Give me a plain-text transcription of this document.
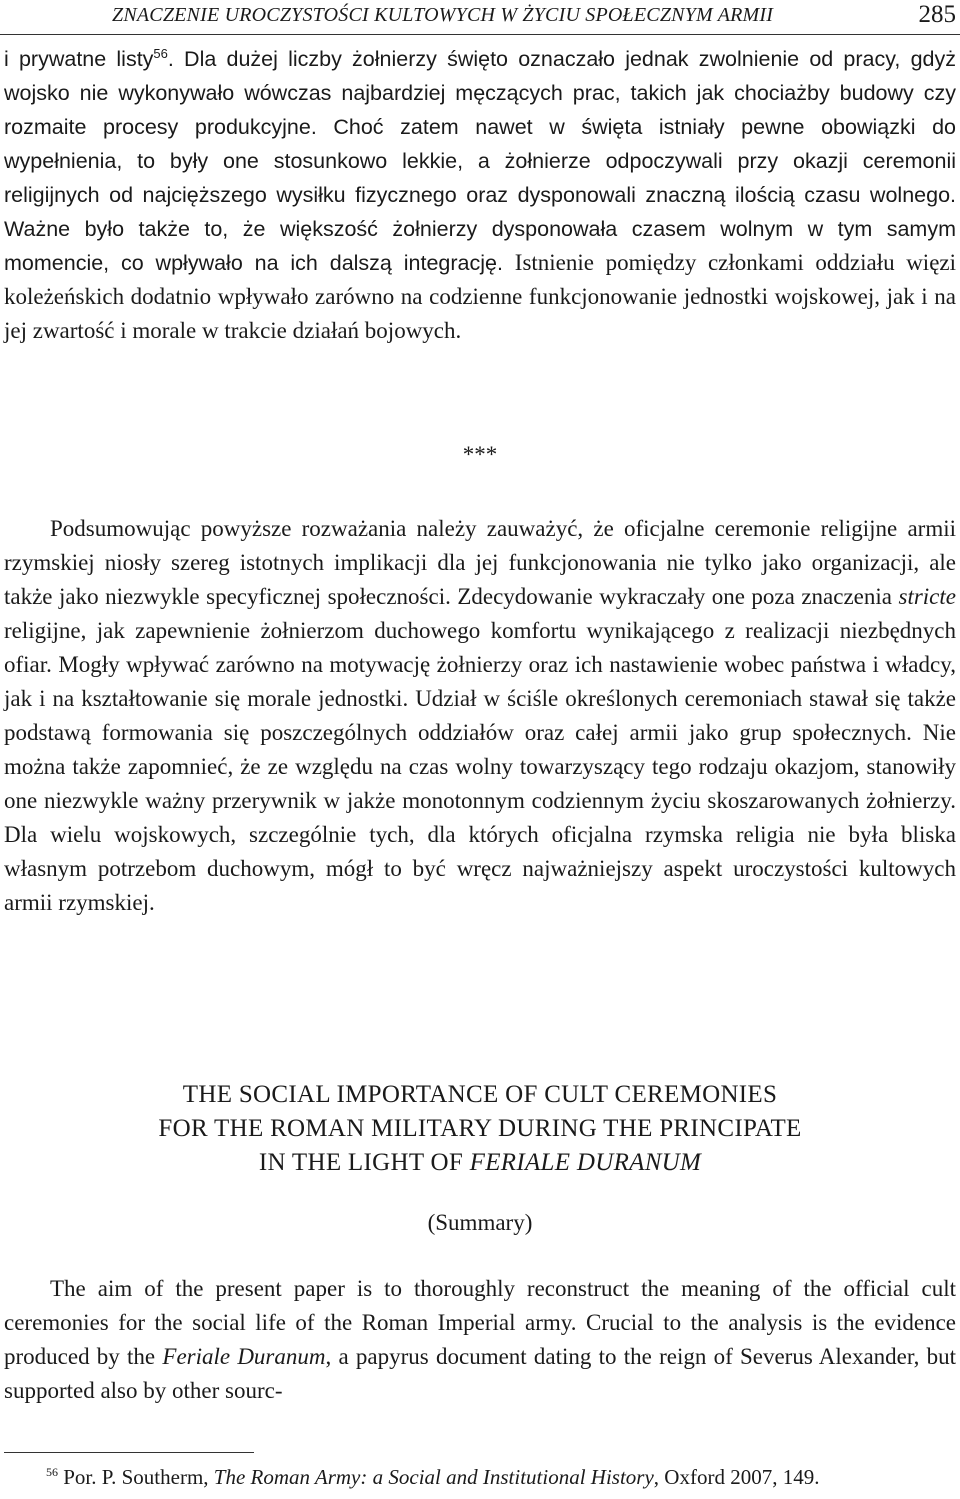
ZNACZENIE UROCZYSTOŚCI KULTOWYCH W ŻYCIU SPOŁECZNYM ARMII	285

i prywatne listy$^{56}$. Dla dużej liczby żołnierzy święto oznaczało jednak zwolnienie od pracy, gdyż wojsko nie wykonywało wówczas najbardziej męczących prac, takich jak chociażby budowy czy rozmaite procesy produkcyjne. Choć zatem nawet w święta istniały pewne obowiązki do wypełnienia, to były one stosunkowo lekkie, a żołnierze odpoczywali przy okazji ceremonii religijnych od najcięższego wysiłku fizycznego oraz dysponowali znaczną ilością czasu wolnego. Ważne było także to, że większość żołnierzy dysponowała czasem wolnym w tym samym momencie, co wpływało na ich dalszą integrację. Istnienie pomiędzy członkami oddziału więzi koleżeńskich dodatnio wpływało zarówno na codzienne funkcjonowanie jednostki wojskowej, jak i na jej zwartość i morale w trakcie działań bojowych.

***

Podsumowując powyższe rozważania należy zauważyć, że oficjalne ceremonie religijne armii rzymskiej niosły szereg istotnych implikacji dla jej funkcjonowania nie tylko jako organizacji, ale także jako niezwykle specyficznej społeczności. Zdecydowanie wykraczały one poza znaczenia stricte religijne, jak zapewnienie żołnierzom duchowego komfortu wynikającego z realizacji niezbędnych ofiar. Mogły wpływać zarówno na motywację żołnierzy oraz ich nastawienie wobec państwa i władcy, jak i na kształtowanie się morale jednostki. Udział w ściśle określonych ceremoniach stawał się także podstawą formowania się poszczególnych oddziałów oraz całej armii jako grup społecznych. Nie można także zapomnieć, że ze względu na czas wolny towarzyszący tego rodzaju okazjom, stanowiły one niezwykle ważny przerywnik w jakże monotonnym codziennym życiu skoszarowanych żołnierzy. Dla wielu wojskowych, szczególnie tych, dla których oficjalna rzymska religia nie była bliska własnym potrzebom duchowym, mógł to być wręcz najważniejszy aspekt uroczystości kultowych armii rzymskiej.

THE SOCIAL IMPORTANCE OF CULT CEREMONIES
FOR THE ROMAN MILITARY DURING THE PRINCIPATE
IN THE LIGHT OF FERIALE DURANUM
(Summary)

The aim of the present paper is to thoroughly reconstruct the meaning of the official cult ceremonies for the social life of the Roman Imperial army. Crucial to the analysis is the evidence produced by the Feriale Duranum, a papyrus document dating to the reign of Severus Alexander, but supported also by other sourc-

$^{56}$ Por. P. Southerm, The Roman Army: a Social and Institutional History, Oxford 2007, 149.
